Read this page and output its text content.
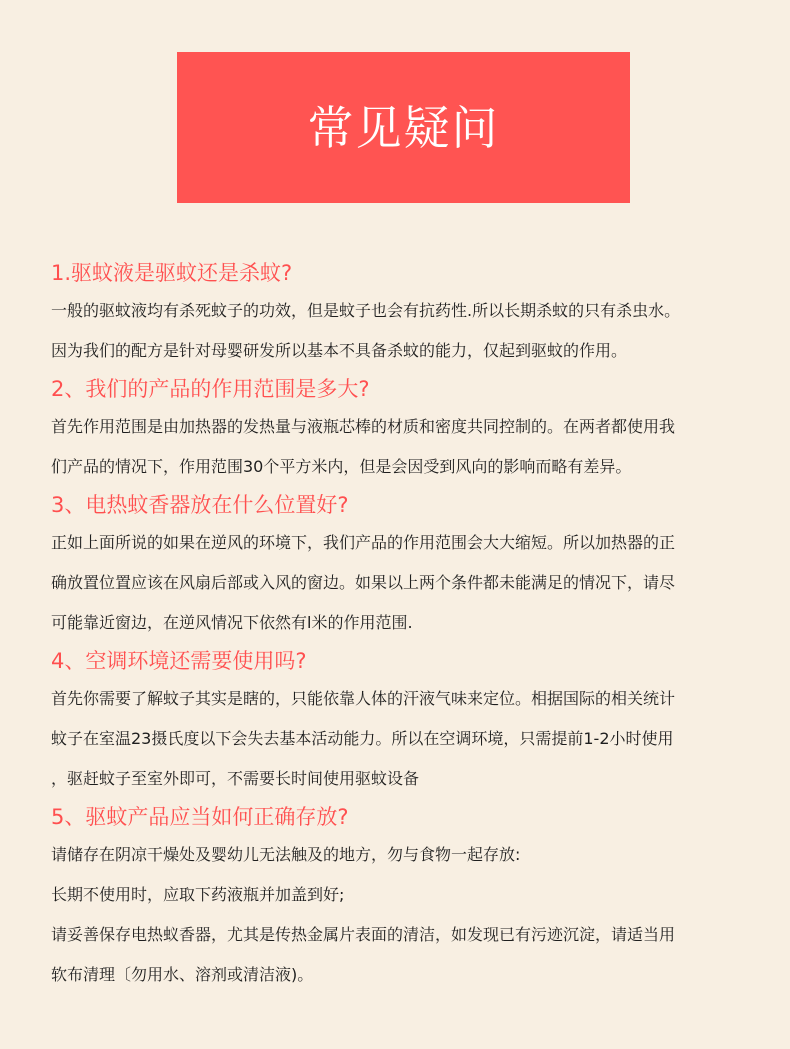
常见疑问

1.驱蚊液是驱蚊还是杀蚊?

一般的驱蚊液均有杀死蚊子的功效，但是蚊子也会有抗药性.所以长期杀蚊的只有杀虫水。

因为我们的配方是针对母婴研发所以基本不具备杀蚊的能力，仅起到驱蚊的作用。

2、我们的产品的作用范围是多大?

首先作用范围是由加热器的发热量与液瓶芯棒的材质和密度共同控制的。在两者都使用我

们产品的情况下，作用范围30个平方米内，但是会因受到风向的影响而略有差异。

3、电热蚊香器放在什么位置好?

正如上面所说的如果在逆风的环境下，我们产品的作用范围会大大缩短。所以加热器的正

确放置位置应该在风扇后部或入风的窗边。如果以上两个条件都未能满足的情况下，请尽

可能靠近窗边，在逆风情况下依然有l米的作用范围.

4、空调环境还需要使用吗?

首先你需要了解蚊子其实是瞎的，只能依靠人体的汗液气味来定位。相据国际的相关统计

蚊子在室温23摄氏度以下会失去基本活动能力。所以在空调环境，只需提前1-2小时使用

，驱赶蚊子至室外即可，不需要长时间使用驱蚊设备

5、驱蚊产品应当如何正确存放?

请储存在阴凉干燥处及婴幼儿无法触及的地方，勿与食物一起存放:

长期不使用时，应取下药液瓶并加盖到好;

请妥善保存电热蚁香器，尤其是传热金属片表面的清洁，如发现已有污迹沉淀，请适当用

软布清理〔勿用水、溶剂或清洁液)。
